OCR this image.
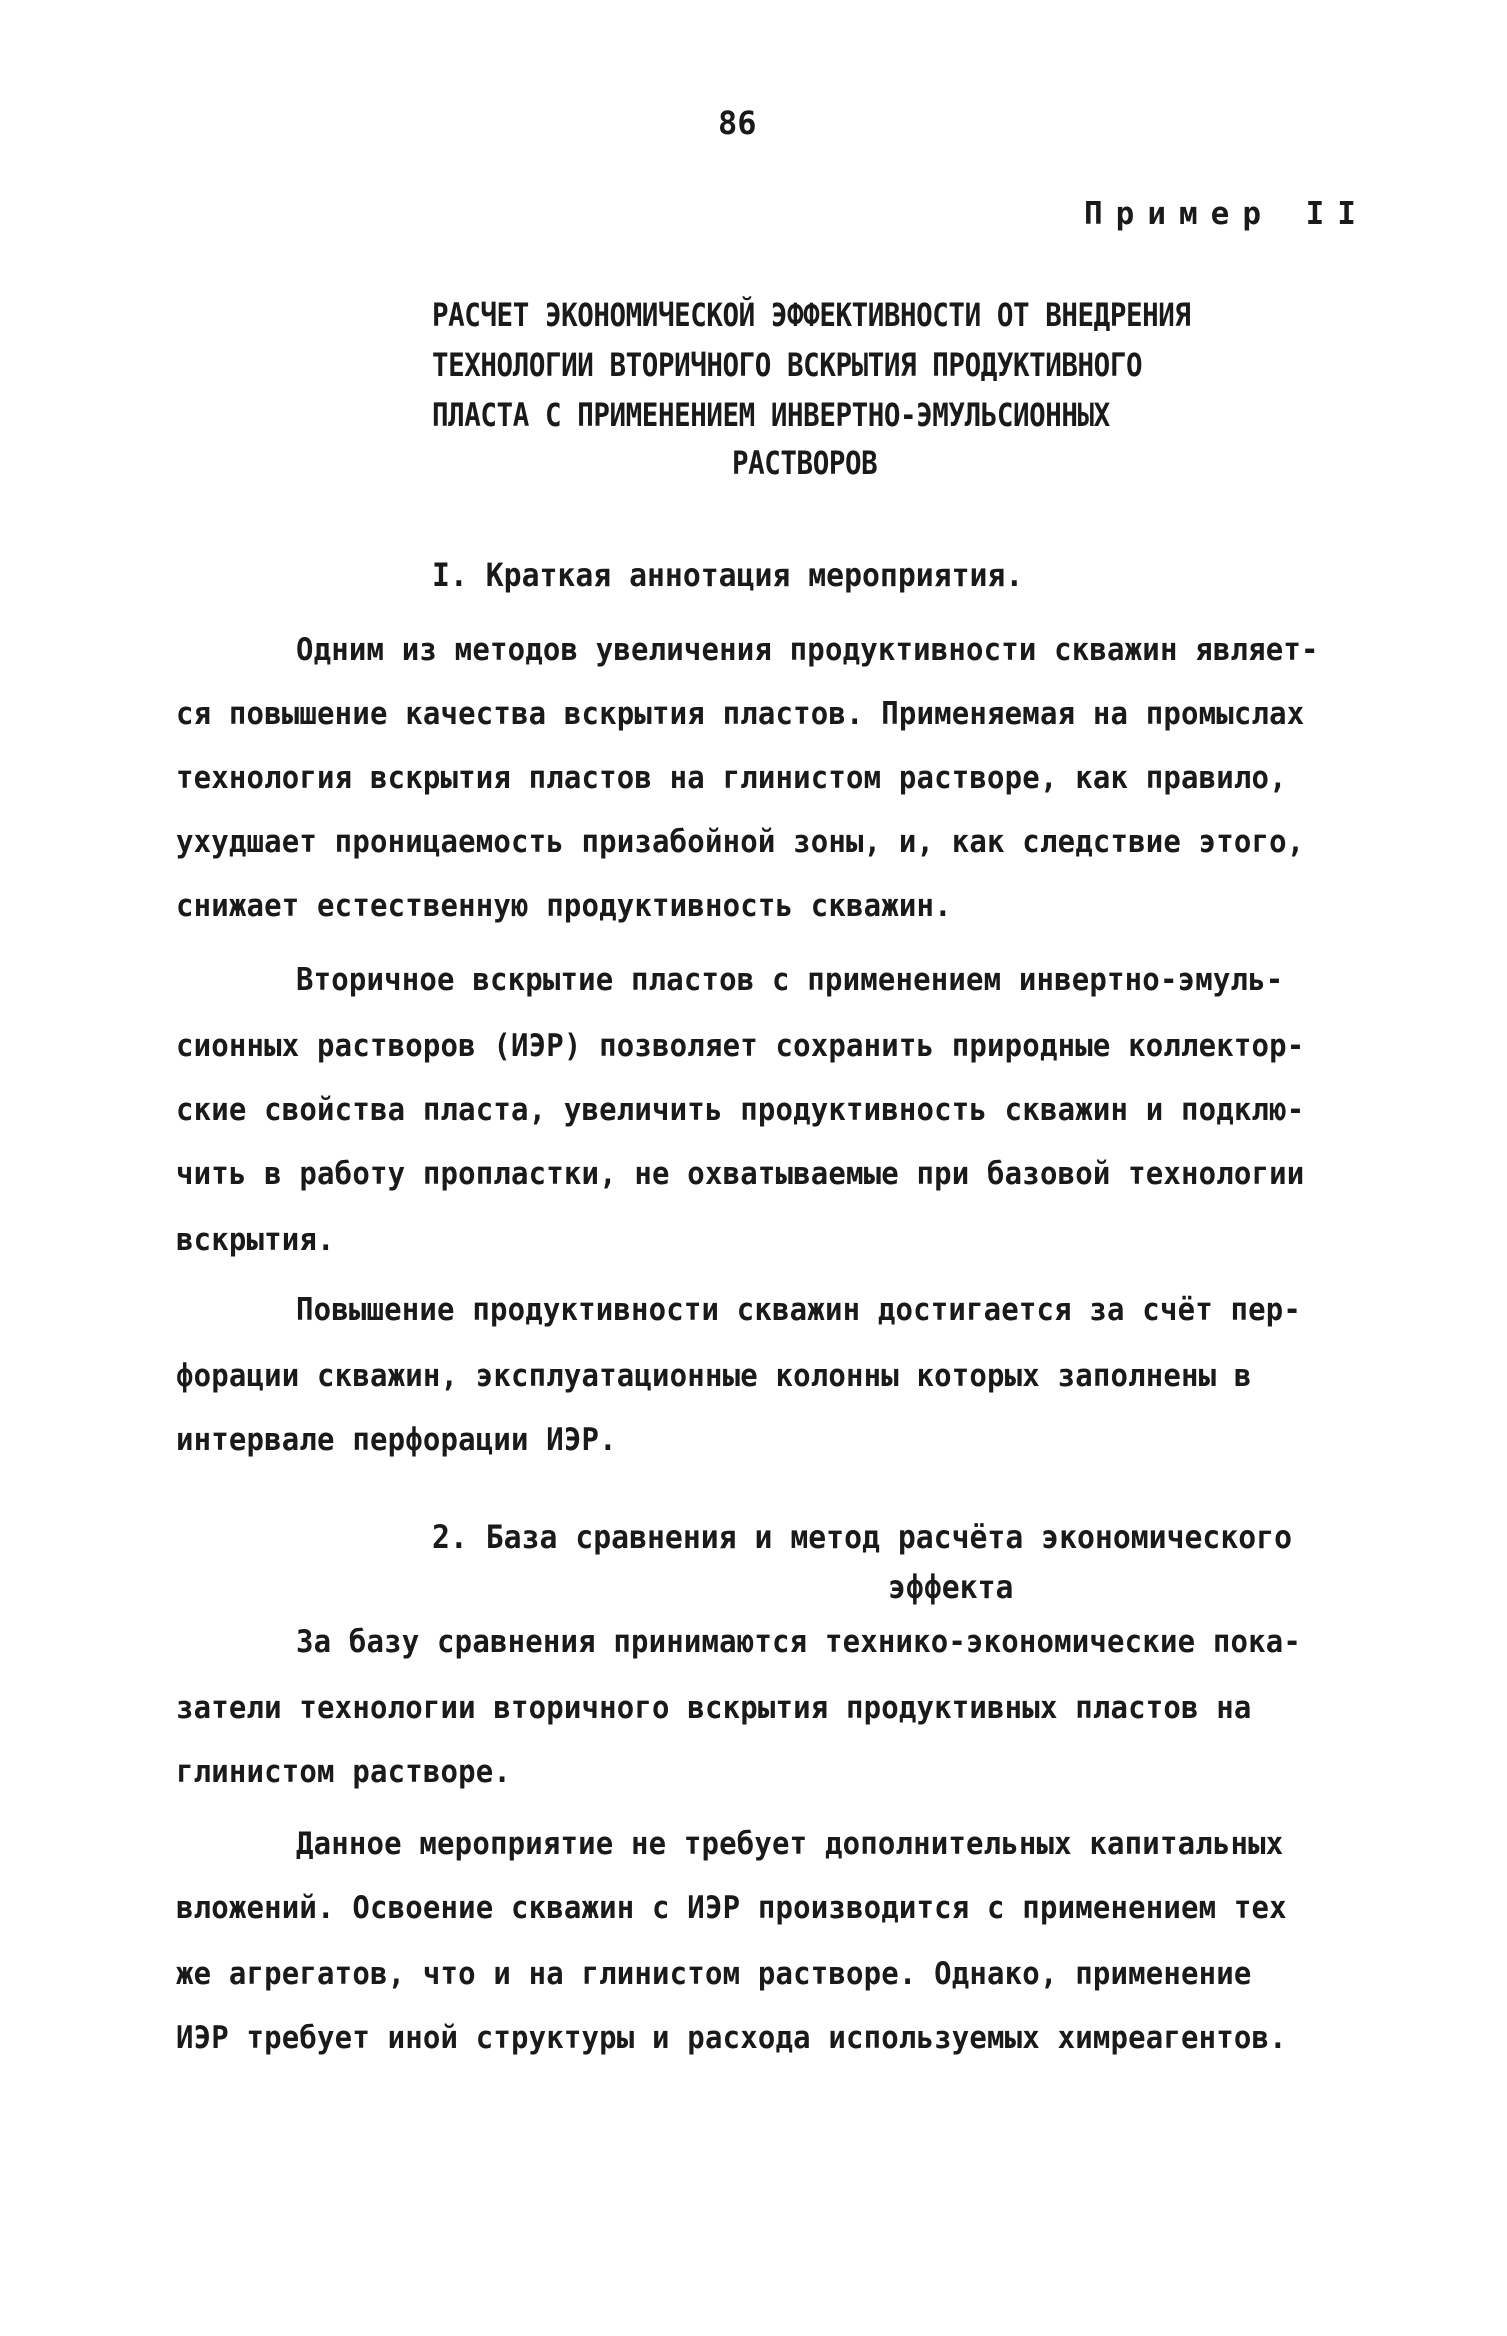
86
Пример II
РАСЧЕТ ЭКОНОМИЧЕСКОЙ ЭФФЕКТИВНОСТИ ОТ ВНЕДРЕНИЯ
ТЕХНОЛОГИИ ВТОРИЧНОГО ВСКРЫТИЯ ПРОДУКТИВНОГО
ПЛАСТА С ПРИМЕНЕНИЕМ ИНВЕРТНО-ЭМУЛЬСИОННЫХ
РАСТВОРОВ
I. Краткая аннотация мероприятия.
Одним из методов увеличения продуктивности скважин являет-
ся повышение качества вскрытия пластов. Применяемая на промыслах
технология вскрытия пластов на глинистом растворе, как правило,
ухудшает проницаемость призабойной зоны, и, как следствие этого,
снижает естественную продуктивность скважин.
Вторичное вскрытие пластов с применением инвертно-эмуль-
сионных растворов (ИЭР) позволяет сохранить природные коллектор-
ские свойства пласта, увеличить продуктивность скважин и подклю-
чить в работу пропластки, не охватываемые при базовой технологии
вскрытия.
Повышение продуктивности скважин достигается за счёт пер-
форации скважин, эксплуатационные колонны которых заполнены в
интервале перфорации ИЭР.
2. База сравнения и метод расчёта экономического
эффекта
За базу сравнения принимаются технико-экономические пока-
затели технологии вторичного вскрытия продуктивных пластов на
глинистом растворе.
Данное мероприятие не требует дополнительных капитальных
вложений. Освоение скважин с ИЭР производится с применением тех
же агрегатов, что и на глинистом растворе. Однако, применение
ИЭР требует иной структуры и расхода используемых химреагентов.
